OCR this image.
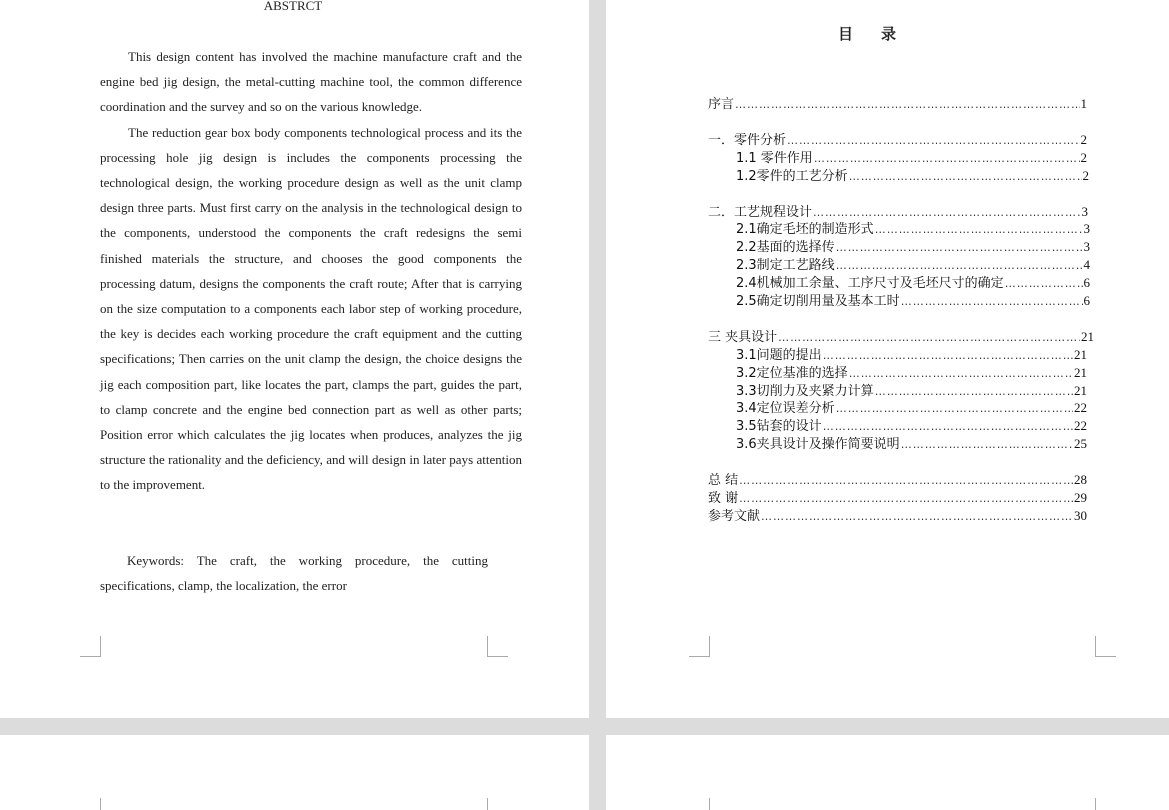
ABSTRCT

This design content has involved the machine manufacture craft and the engine bed jig design, the metal-cutting machine tool, the common difference coordination and the survey and so on the various knowledge.

The reduction gear box body components technological process and its the processing hole jig design is includes the components processing the technological design, the working procedure design as well as the unit clamp design three parts. Must first carry on the analysis in the technological design to the components, understood the components the craft redesigns the semi finished materials the structure, and chooses the good components the processing datum, designs the components the craft route; After that is carrying on the size computation to a components each labor step of working procedure, the key is decides each working procedure the craft equipment and the cutting specifications; Then carries on the unit clamp the design, the choice designs the jig each composition part, like locates the part, clamps the part, guides the part, to clamp concrete and the engine bed connection part as well as other parts; Position error which calculates the jig locates when produces, analyzes the jig structure the rationality and the deficiency, and will design in later pays attention to the improvement.

Keywords: The craft, the working procedure, the cutting specifications, clamp, the localization, the error
目录
序言 …………………………………………………………………………………………………………………………………………	1
一．零件分析 …………………………………………………………………………………………………………………………………………	2
1.1 零件作用 …………………………………………………………………………………………………………………………………………	2
1.2零件的工艺分析 …………………………………………………………………………………………………………………………………………	2
二．工艺规程设计 …………………………………………………………………………………………………………………………………………	3
2.1确定毛坯的制造形式 …………………………………………………………………………………………………………………………………………	3
2.2基面的选择传 …………………………………………………………………………………………………………………………………………	3
2.3制定工艺路线 …………………………………………………………………………………………………………………………………………	4
2.4机械加工余量、工序尺寸及毛坯尺寸的确定 …………………………………………………………………………………………………………………………………………	6
2.5确定切削用量及基本工时 …………………………………………………………………………………………………………………………………………	6
三 夹具设计 …………………………………………………………………………………………………………………………………………	21
3.1问题的提出 …………………………………………………………………………………………………………………………………………	21
3.2定位基准的选择 …………………………………………………………………………………………………………………………………………	21
3.3切削力及夹紧力计算 …………………………………………………………………………………………………………………………………………	21
3.4定位误差分析 …………………………………………………………………………………………………………………………………………	22
3.5钻套的设计 …………………………………………………………………………………………………………………………………………	22
3.6夹具设计及操作简要说明 …………………………………………………………………………………………………………………………………………	25
总 结 …………………………………………………………………………………………………………………………………………	28
致 谢 …………………………………………………………………………………………………………………………………………	29
参考文献 …………………………………………………………………………………………………………………………………………	30
